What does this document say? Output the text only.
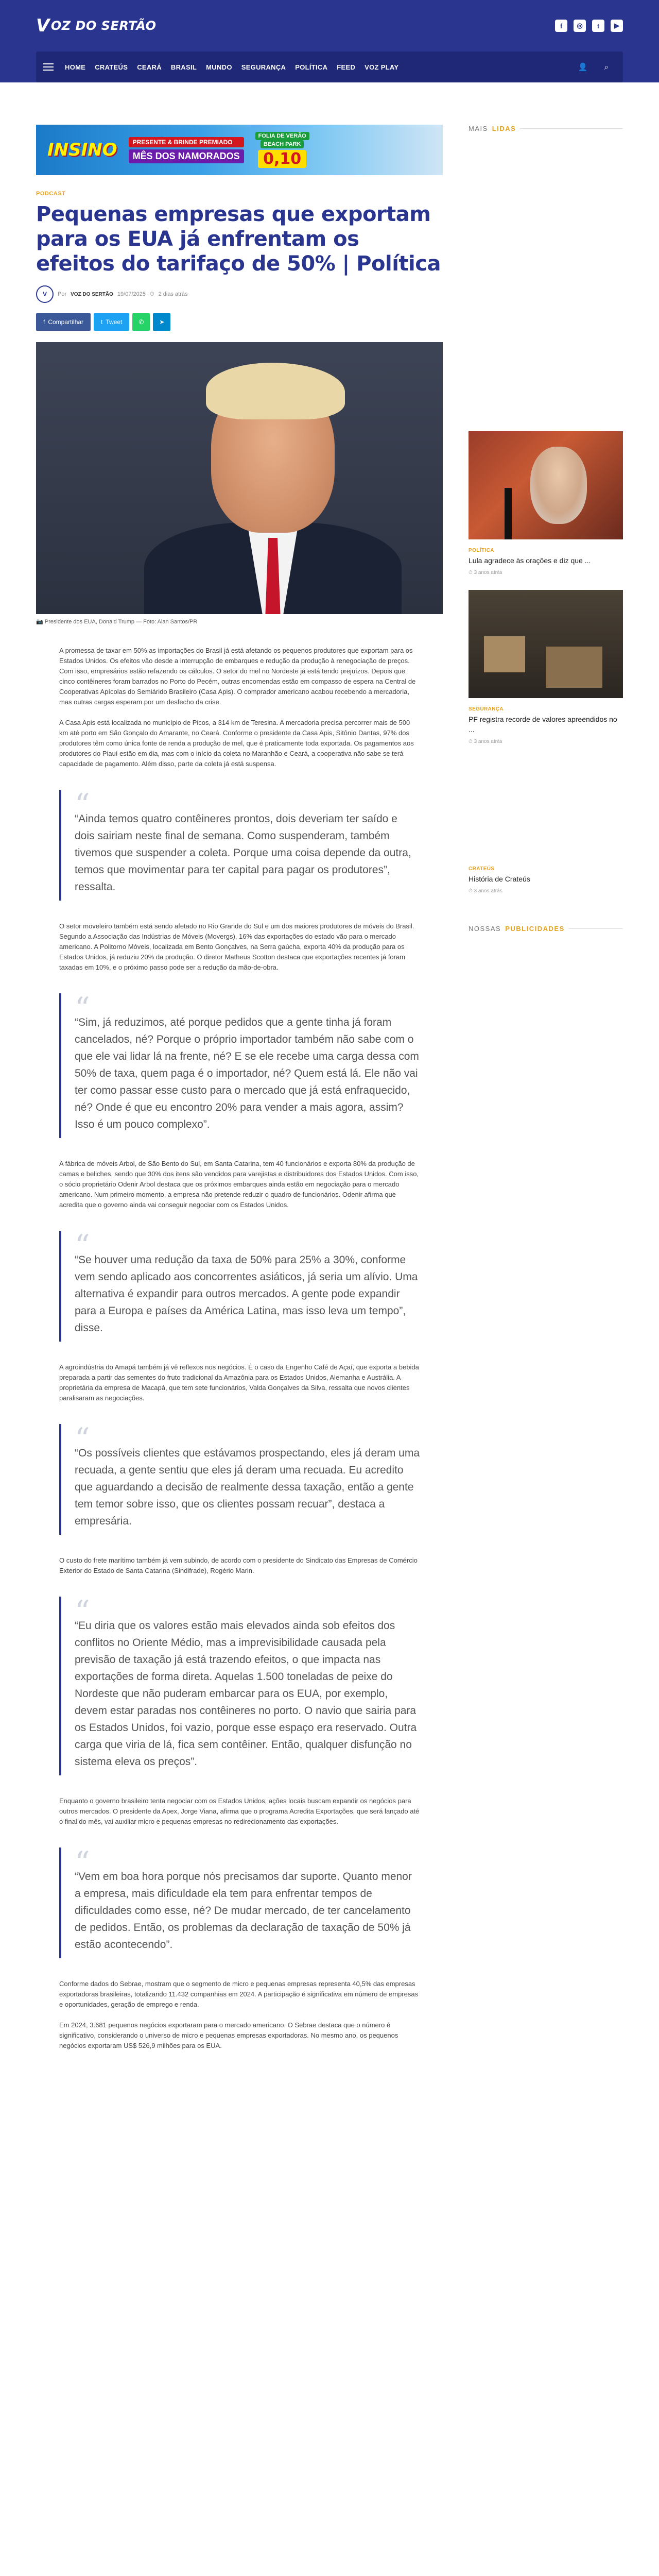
V OZ DO SERTÃO	f	◎	t	▶
HOME CRATEÚS CEARÁ BRASIL MUNDO SEGURANÇA POLÍTICA FEED VOZ PLAY	👤	⌕
INSINO	PRESENTE & BRINDE PREMIADO
MÊS DOS NAMORADOS
FOLIA DE VERÃO
BEACH PARK
0,10
PODCAST
Pequenas empresas que exportam para os EUA já enfrentam os efeitos do tarifaço de 50% | Política
V	Por VOZ DO SERTÃO 19/07/2025 ⏱ 2 dias atrás
f Compartilhar	t Tweet	✆ ➤
📷 Presidente dos EUA, Donald Trump — Foto: Alan Santos/PR

A promessa de taxar em 50% as importações do Brasil já está afetando os pequenos produtores que exportam para os Estados Unidos. Os efeitos vão desde a interrupção de embarques e redução da produção à renegociação de preços. Com isso, empresários estão refazendo os cálculos. O setor do mel no Nordeste já está tendo prejuízos. Depois que cinco contêineres foram barrados no Porto do Pecém, outras encomendas estão em compasso de espera na Central de Cooperativas Apícolas do Semiárido Brasileiro (Casa Apis). O comprador americano acabou recebendo a mercadoria, mas outras cargas esperam por um desfecho da crise.

A Casa Apis está localizada no município de Picos, a 314 km de Teresina. A mercadoria precisa percorrer mais de 500 km até porto em São Gonçalo do Amarante, no Ceará. Conforme o presidente da Casa Apis, Sitônio Dantas, 97% dos produtores têm como única fonte de renda a produção de mel, que é praticamente toda exportada. Os pagamentos aos produtores do Piauí estão em dia, mas com o início da coleta no Maranhão e Ceará, a cooperativa não sabe se terá capacidade de pagamento. Além disso, parte da coleta já está suspensa.

“

“Ainda temos quatro contêineres prontos, dois deveriam ter saído e dois sairiam neste final de semana. Como suspenderam, também tivemos que suspender a coleta. Porque uma coisa depende da outra, temos que movimentar para ter capital para pagar os produtores”, ressalta.

O setor moveleiro também está sendo afetado no Rio Grande do Sul e um dos maiores produtores de móveis do Brasil. Segundo a Associação das Indústrias de Móveis (Movergs), 16% das exportações do estado vão para o mercado americano. A Politorno Móveis, localizada em Bento Gonçalves, na Serra gaúcha, exporta 40% da produção para os Estados Unidos, já reduziu 20% da produção. O diretor Matheus Scotton destaca que exportações recentes já foram taxadas em 10%, e o próximo passo pode ser a redução da mão-de-obra.

“

“Sim, já reduzimos, até porque pedidos que a gente tinha já foram cancelados, né? Porque o próprio importador também não sabe com o que ele vai lidar lá na frente, né? E se ele recebe uma carga dessa com 50% de taxa, quem paga é o importador, né? Quem está lá. Ele não vai ter como passar esse custo para o mercado que já está enfraquecido, né? Onde é que eu encontro 20% para vender a mais agora, assim? Isso é um pouco complexo”.

A fábrica de móveis Arbol, de São Bento do Sul, em Santa Catarina, tem 40 funcionários e exporta 80% da produção de camas e beliches, sendo que 30% dos itens são vendidos para varejistas e distribuidores dos Estados Unidos. Com isso, o sócio proprietário Odenir Arbol destaca que os próximos embarques ainda estão em negociação para o mercado americano. Num primeiro momento, a empresa não pretende reduzir o quadro de funcionários. Odenir afirma que acredita que o governo ainda vai conseguir negociar com os Estados Unidos.

“

“Se houver uma redução da taxa de 50% para 25% a 30%, conforme vem sendo aplicado aos concorrentes asiáticos, já seria um alívio. Uma alternativa é expandir para outros mercados. A gente pode expandir para a Europa e países da América Latina, mas isso leva um tempo”, disse.

A agroindústria do Amapá também já vê reflexos nos negócios. É o caso da Engenho Café de Açaí, que exporta a bebida preparada a partir das sementes do fruto tradicional da Amazônia para os Estados Unidos, Alemanha e Austrália. A proprietária da empresa de Macapá, que tem sete funcionários, Valda Gonçalves da Silva, ressalta que novos clientes paralisaram as negociações.

“

“Os possíveis clientes que estávamos prospectando, eles já deram uma recuada, a gente sentiu que eles já deram uma recuada. Eu acredito que aguardando a decisão de realmente dessa taxação, então a gente tem temor sobre isso, que os clientes possam recuar”, destaca a empresária.

O custo do frete marítimo também já vem subindo, de acordo com o presidente do Sindicato das Empresas de Comércio Exterior do Estado de Santa Catarina (Sindifrade), Rogério Marin.

“

“Eu diria que os valores estão mais elevados ainda sob efeitos dos conflitos no Oriente Médio, mas a imprevisibilidade causada pela previsão de taxação já está trazendo efeitos, o que impacta nas exportações de forma direta. Aquelas 1.500 toneladas de peixe do Nordeste que não puderam embarcar para os EUA, por exemplo, devem estar paradas nos contêineres no porto. O navio que sairia para os Estados Unidos, foi vazio, porque esse espaço era reservado. Outra carga que viria de lá, fica sem contêiner. Então, qualquer disfunção no sistema eleva os preços”.

Enquanto o governo brasileiro tenta negociar com os Estados Unidos, ações locais buscam expandir os negócios para outros mercados. O presidente da Apex, Jorge Viana, afirma que o programa Acredita Exportações, que será lançado até o final do mês, vai auxiliar micro e pequenas empresas no redirecionamento das exportações.

“

“Vem em boa hora porque nós precisamos dar suporte. Quanto menor a empresa, mais dificuldade ela tem para enfrentar tempos de dificuldades como esse, né? De mudar mercado, de ter cancelamento de pedidos. Então, os problemas da declaração de taxação de 50% já estão acontecendo”.

Conforme dados do Sebrae, mostram que o segmento de micro e pequenas empresas representa 40,5% das empresas exportadoras brasileiras, totalizando 11.432 companhias em 2024. A participação é significativa em número de empresas e oportunidades, geração de emprego e renda.

Em 2024, 3.681 pequenos negócios exportaram para o mercado americano. O Sebrae destaca que o número é significativo, considerando o universo de micro e pequenas empresas exportadoras. No mesmo ano, os pequenos negócios exportaram US$ 526,9 milhões para os EUA.

MAIS LIDAS
POLÍTICA
Lula agradece às orações e diz que ...
⏱ 3 anos atrás
SEGURANÇA
PF registra recorde de valores apreendidos no ...
⏱ 3 anos atrás
CRATEÚS
História de Crateús
⏱ 3 anos atrás
NOSSAS PUBLICIDADES
